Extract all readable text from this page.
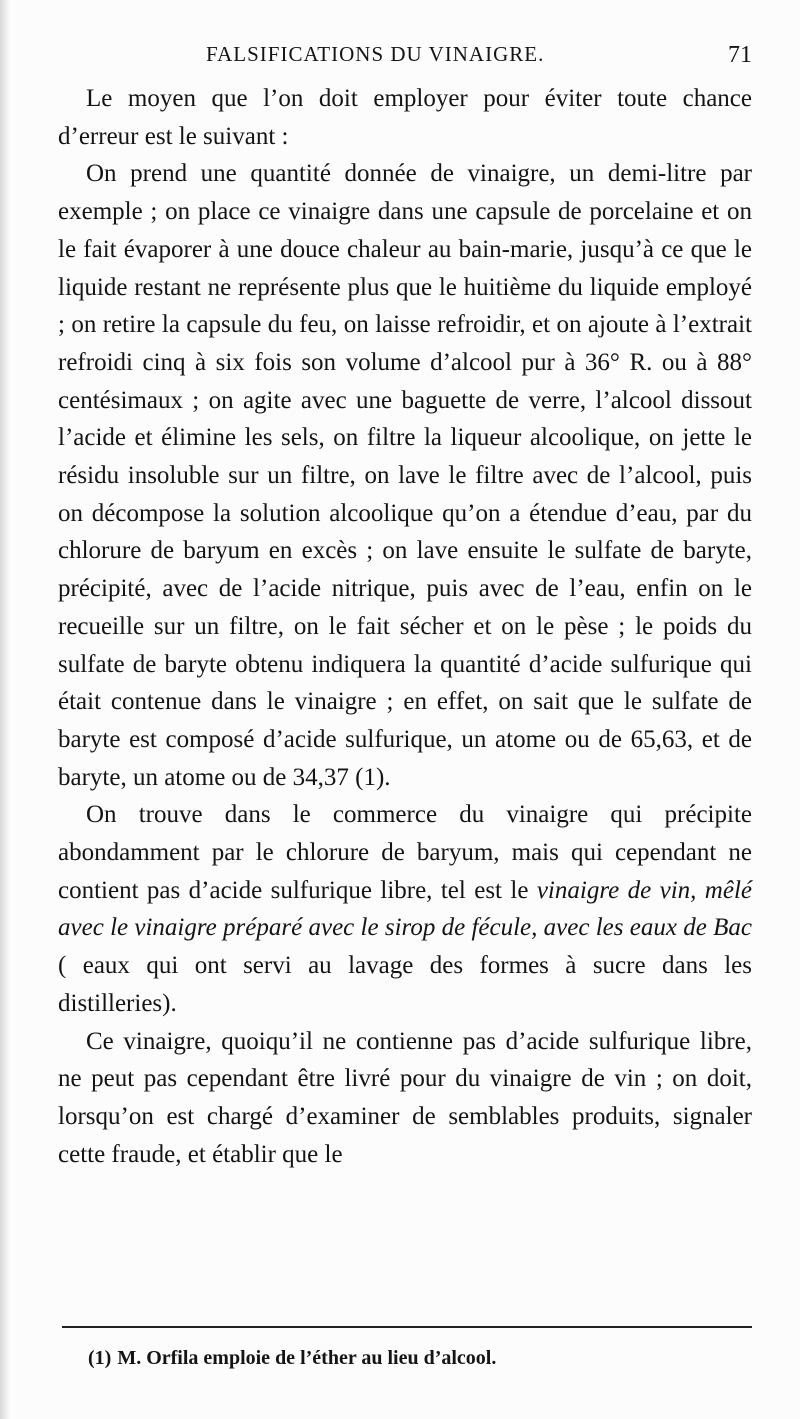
FALSIFICATIONS DU VINAIGRE.	71

Le moyen que l’on doit employer pour éviter toute chance d’erreur est le suivant :

On prend une quantité donnée de vinaigre, un demi-litre par exemple ; on place ce vinaigre dans une capsule de porcelaine et on le fait évaporer à une douce chaleur au bain-marie, jusqu’à ce que le liquide restant ne représente plus que le huitième du liquide employé ; on retire la capsule du feu, on laisse refroidir, et on ajoute à l’extrait refroidi cinq à six fois son volume d’alcool pur à 36° R. ou à 88° centésimaux ; on agite avec une baguette de verre, l’alcool dissout l’acide et élimine les sels, on filtre la liqueur alcoolique, on jette le résidu insoluble sur un filtre, on lave le filtre avec de l’alcool, puis on décompose la solution alcoolique qu’on a étendue d’eau, par du chlorure de baryum en excès ; on lave ensuite le sulfate de baryte, précipité, avec de l’acide nitrique, puis avec de l’eau, enfin on le recueille sur un filtre, on le fait sécher et on le pèse ; le poids du sulfate de baryte obtenu indiquera la quantité d’acide sulfurique qui était contenue dans le vinaigre ; en effet, on sait que le sulfate de baryte est composé d’acide sulfurique, un atome ou de 65,63, et de baryte, un atome ou de 34,37 (1).

On trouve dans le commerce du vinaigre qui précipite abondamment par le chlorure de baryum, mais qui cependant ne contient pas d’acide sulfurique libre, tel est le vinaigre de vin, mêlé avec le vinaigre préparé avec le sirop de fécule, avec les eaux de Bac ( eaux qui ont servi au lavage des formes à sucre dans les distilleries).

Ce vinaigre, quoiqu’il ne contienne pas d’acide sulfurique libre, ne peut pas cependant être livré pour du vinaigre de vin ; on doit, lorsqu’on est chargé d’examiner de semblables produits, signaler cette fraude, et établir que le

(1) M. Orfila emploie de l’éther au lieu d’alcool.
